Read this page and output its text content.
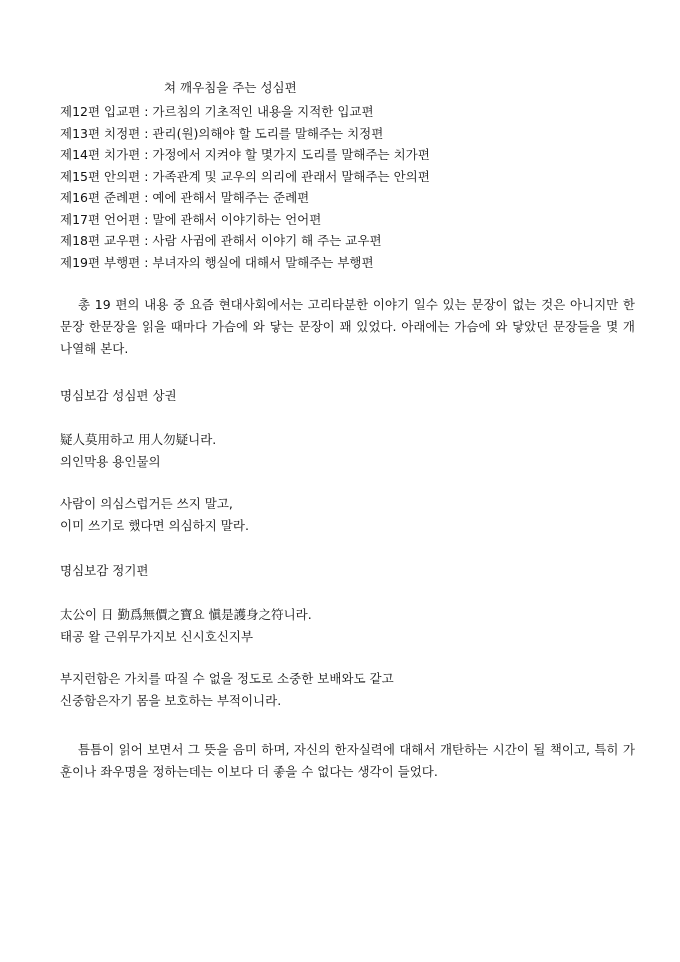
쳐 깨우침을 주는 성심편
제12편 입교편 : 가르침의 기초적인 내용을 지적한 입교편
제13편 치정편 : 관리(원)의해야 할 도리를 말해주는 치정편
제14편 치가편 : 가정에서 지켜야 할 몇가지 도리를 말해주는 치가편
제15편 안의편 : 가족관계 및 교우의 의리에 관래서 말해주는 안의편
제16편 준례편 : 예에 관해서 말해주는 준례편
제17편 언어편 : 말에 관해서 이야기하는 언어편
제18편 교우편 : 사람 사귐에 관해서 이야기 해 주는 교우편
제19편 부행편 : 부녀자의 행실에 대해서 말해주는 부행편
총 19 편의 내용 중 요즘 현대사회에서는 고리타분한 이야기 일수 있는 문장이 없는 것은 아니지만 한문장 한문장을 읽을 때마다 가슴에 와 닿는 문장이 꽤 있었다. 아래에는 가슴에 와 닿았던 문장들을 몇 개 나열해 본다.
명심보감 성심편 상권
疑人莫用하고 用人勿疑니라.
의인막용 용인물의
사람이 의심스럽거든 쓰지 말고,
이미 쓰기로 했다면 의심하지 말라.
명심보감 정기편
太公이 日 勤爲無價之寶요 愼是護身之符니라.
태공 왈 근위무가지보 신시호신지부
부지런함은 가치를 따질 수 없을 정도로 소중한 보배와도 같고
신중함은자기 몸을 보호하는 부적이니라.
틈틈이 읽어 보면서 그 뜻을 음미 하며, 자신의 한자실력에 대해서 개탄하는 시간이 될 책이고, 특히 가훈이나 좌우명을 정하는데는 이보다 더 좋을 수 없다는 생각이 들었다.
